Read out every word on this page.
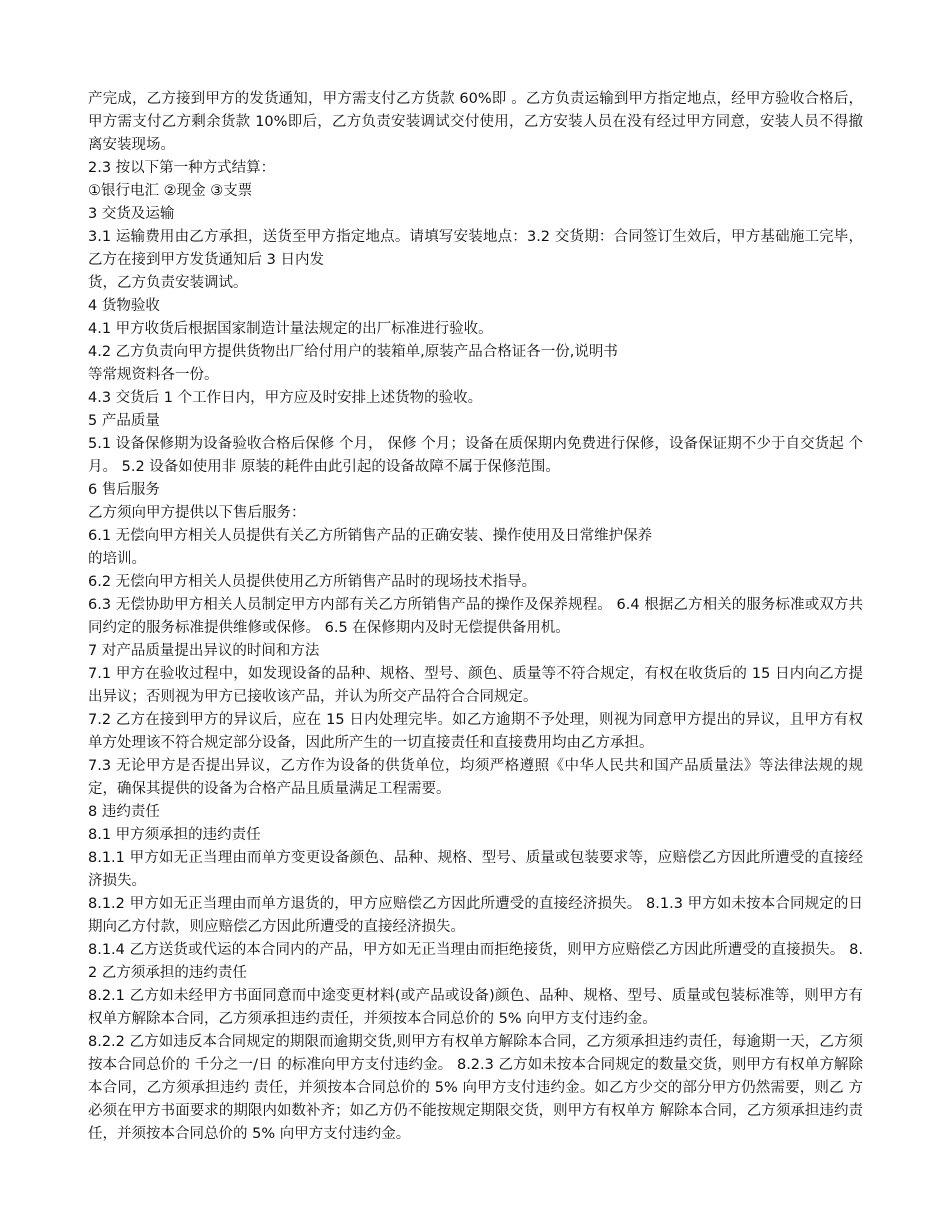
产完成，乙方接到甲方的发货通知，甲方需支付乙方货款 60%即 。乙方负责运输到甲方指定地点，经甲方验收合格后，甲方需支付乙方剩余货款 10%即后，乙方负责安装调试交付使用，乙方安装人员在没有经过甲方同意，安装人员不得撤离安装现场。

2.3 按以下第一种方式结算：

①银行电汇 ②现金 ③支票

3 交货及运输

3.1 运输费用由乙方承担，送货至甲方指定地点。请填写安装地点：3.2 交货期：合同签订生效后，甲方基础施工完毕，乙方在接到甲方发货通知后 3 日内发

货，乙方负责安装调试。

4 货物验收

4.1 甲方收货后根据国家制造计量法规定的出厂标准进行验收。

4.2 乙方负责向甲方提供货物出厂给付用户的装箱单,原装产品合格证各一份,说明书

等常规资料各一份。

4.3 交货后 1 个工作日内，甲方应及时安排上述货物的验收。

5 产品质量

5.1 设备保修期为设备验收合格后保修 个月， 保修 个月；设备在质保期内免费进行保修，设备保证期不少于自交货起 个月。 5.2 设备如使用非 原装的耗件由此引起的设备故障不属于保修范围。

6 售后服务

乙方须向甲方提供以下售后服务：

6.1 无偿向甲方相关人员提供有关乙方所销售产品的正确安装、操作使用及日常维护保养

的培训。

6.2 无偿向甲方相关人员提供使用乙方所销售产品时的现场技术指导。

6.3 无偿协助甲方相关人员制定甲方内部有关乙方所销售产品的操作及保养规程。 6.4 根据乙方相关的服务标准或双方共同约定的服务标准提供维修或保修。 6.5 在保修期内及时无偿提供备用机。

7 对产品质量提出异议的时间和方法

7.1 甲方在验收过程中，如发现设备的品种、规格、型号、颜色、质量等不符合规定，有权在收货后的 15 日内向乙方提出异议；否则视为甲方已接收该产品，并认为所交产品符合合同规定。

7.2 乙方在接到甲方的异议后，应在 15 日内处理完毕。如乙方逾期不予处理，则视为同意甲方提出的异议，且甲方有权单方处理该不符合规定部分设备，因此所产生的一切直接责任和直接费用均由乙方承担。

7.3 无论甲方是否提出异议，乙方作为设备的供货单位，均须严格遵照《中华人民共和国产品质量法》等法律法规的规定，确保其提供的设备为合格产品且质量满足工程需要。

8 违约责任

8.1 甲方须承担的违约责任

8.1.1 甲方如无正当理由而单方变更设备颜色、品种、规格、型号、质量或包装要求等，应赔偿乙方因此所遭受的直接经济损失。

8.1.2 甲方如无正当理由而单方退货的，甲方应赔偿乙方因此所遭受的直接经济损失。 8.1.3 甲方如未按本合同规定的日期向乙方付款，则应赔偿乙方因此所遭受的直接经济损失。

8.1.4 乙方送货或代运的本合同内的产品，甲方如无正当理由而拒绝接货，则甲方应赔偿乙方因此所遭受的直接损失。 8.2 乙方须承担的违约责任

8.2.1 乙方如未经甲方书面同意而中途变更材料(或产品或设备)颜色、品种、规格、型号、质量或包装标准等，则甲方有权单方解除本合同，乙方须承担违约责任，并须按本合同总价的 5% 向甲方支付违约金。

8.2.2 乙方如违反本合同规定的期限而逾期交货,则甲方有权单方解除本合同，乙方须承担违约责任，每逾期一天，乙方须按本合同总价的 千分之一/日 的标准向甲方支付违约金。 8.2.3 乙方如未按本合同规定的数量交货，则甲方有权单方解除本合同，乙方须承担违约 责任，并须按本合同总价的 5% 向甲方支付违约金。如乙方少交的部分甲方仍然需要，则乙 方必须在甲方书面要求的期限内如数补齐；如乙方仍不能按规定期限交货，则甲方有权单方 解除本合同，乙方须承担违约责任，并须按本合同总价的 5% 向甲方支付违约金。
